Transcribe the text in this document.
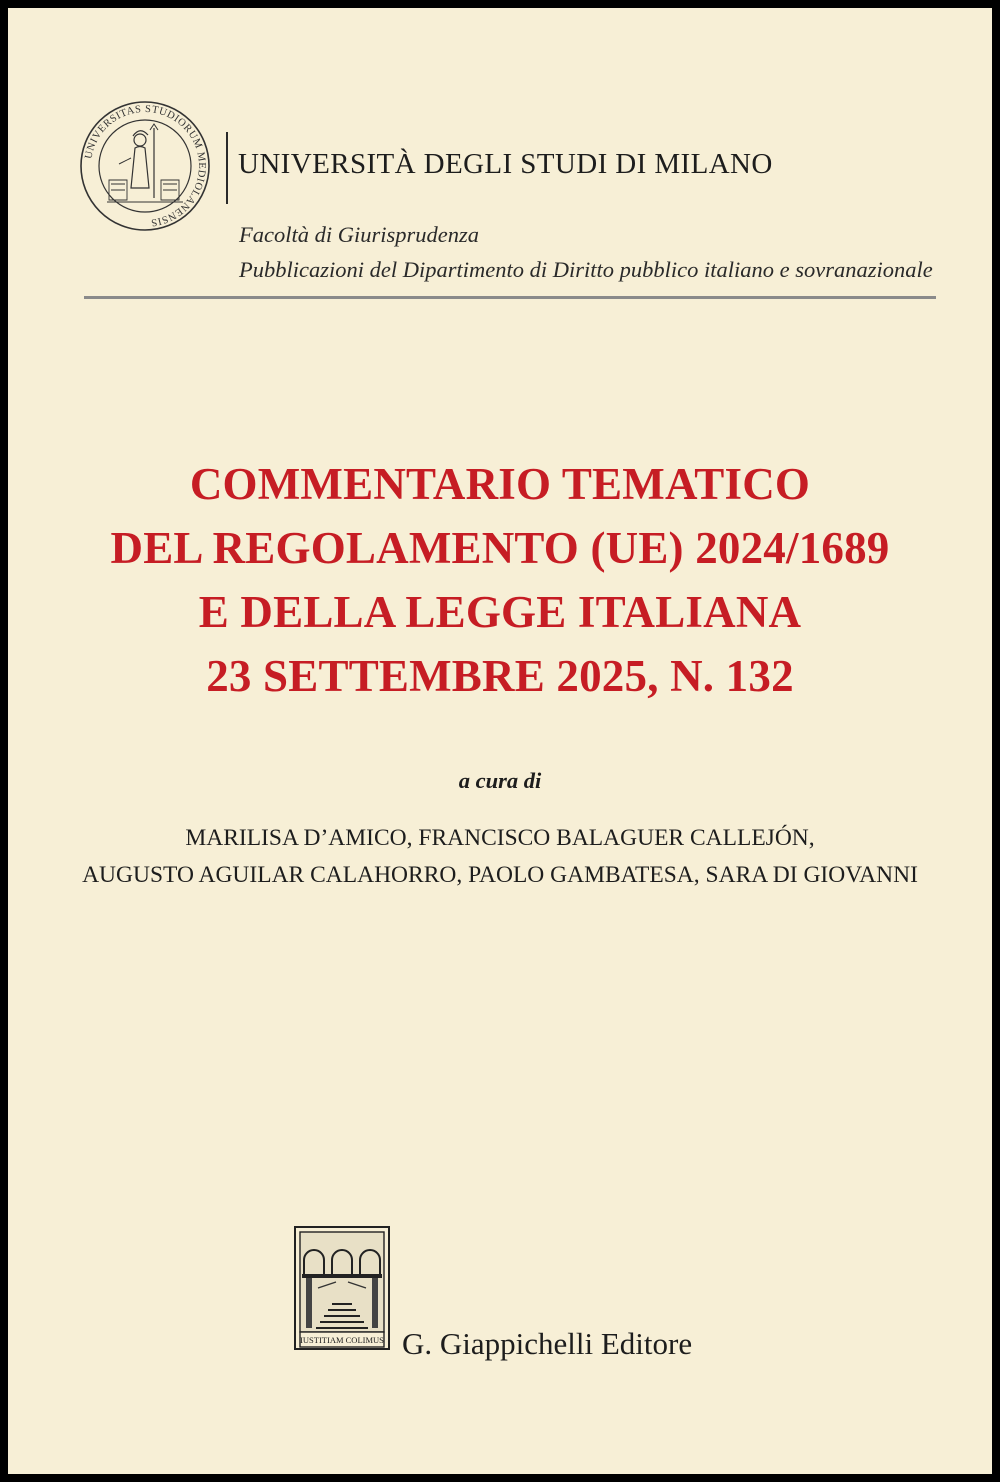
UNIVERSITAS STUDIORUM MEDIOLANENSIS
UNIVERSITÀ DEGLI STUDI DI MILANO
Facoltà di Giurisprudenza
Pubblicazioni del Dipartimento di Diritto pubblico italiano e sovranazionale
COMMENTARIO TEMATICO
DEL REGOLAMENTO (UE) 2024/1689
E DELLA LEGGE ITALIANA
23 SETTEMBRE 2025, N. 132
a cura di
MARILISA D’AMICO, FRANCISCO BALAGUER CALLEJÓN,
AUGUSTO AGUILAR CALAHORRO, PAOLO GAMBATESA, SARA DI GIOVANNI
IUSTITIAM COLIMUS G. Giappichelli Editore
